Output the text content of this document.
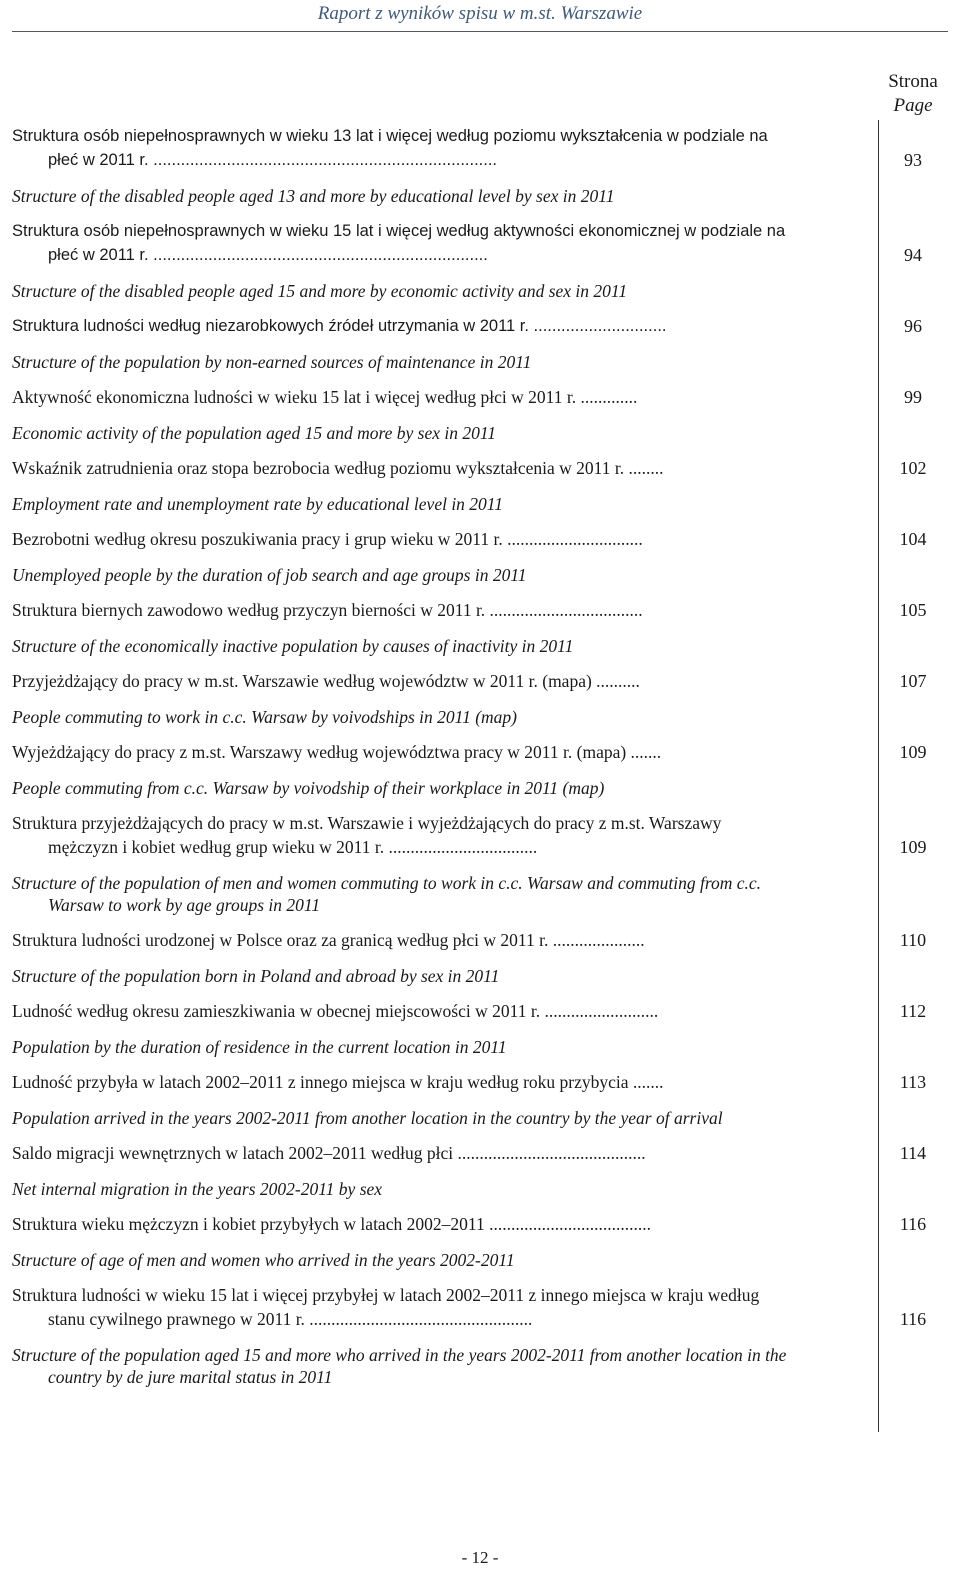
Raport z wyników spisu w m.st. Warszawie
Strona
Page
Struktura osób niepełnosprawnych w wieku 13 lat i więcej według poziomu wykształcenia w podziale na płeć w 2011 r. ...........................................................................	93
Structure of the disabled people aged 13 and more by educational level by sex in 2011
Struktura osób niepełnosprawnych w wieku 15 lat i więcej według aktywności ekonomicznej w podziale na płeć w 2011 r. .........................................................................	94
Structure of the disabled people aged 15 and more by economic activity and sex in 2011
Struktura ludności według niezarobkowych źródeł utrzymania w 2011 r. .............................	96
Structure of the population by non-earned sources of maintenance in 2011
Aktywność ekonomiczna ludności w wieku 15 lat i więcej według płci w 2011 r. .............	99
Economic activity of the population aged 15 and more by sex in 2011
Wskaźnik zatrudnienia oraz stopa bezrobocia według poziomu wykształcenia w 2011 r. ........	102
Employment rate and unemployment rate by educational level in 2011
Bezrobotni według okresu poszukiwania pracy i grup wieku w 2011 r. ...............................	104
Unemployed people by the duration of job search and age groups in 2011
Struktura biernych zawodowo według przyczyn bierności w 2011 r. ...................................	105
Structure of the economically inactive population by causes of inactivity in 2011
Przyjeżdżający do pracy w m.st. Warszawie według województw w 2011 r. (mapa) ..........	107
People commuting to work in c.c. Warsaw by voivodships in 2011 (map)
Wyjeżdżający do pracy z m.st. Warszawy według województwa pracy w 2011 r. (mapa) .......	109
People commuting from c.c. Warsaw by voivodship of their workplace in 2011 (map)
Struktura przyjeżdżających do pracy w m.st. Warszawie i wyjeżdżających do pracy z m.st. Warszawy mężczyzn i kobiet według grup wieku w 2011 r. ..................................	109
Structure of the population of men and women commuting to work in c.c. Warsaw and commuting from c.c. Warsaw to work by age groups in 2011
Struktura ludności urodzonej w Polsce oraz za granicą według płci w 2011 r. .....................	110
Structure of the population born in Poland and abroad by sex in 2011
Ludność według okresu zamieszkiwania w obecnej miejscowości w 2011 r. ..........................	112
Population by the duration of residence in the current location in 2011
Ludność przybyła w latach 2002–2011 z innego miejsca w kraju według roku przybycia .......	113
Population arrived in the years 2002-2011 from another location in the country by the year of arrival
Saldo migracji wewnętrznych w latach 2002–2011 według płci ...........................................	114
Net internal migration in the years 2002-2011 by sex
Struktura wieku mężczyzn i kobiet przybyłych w latach 2002–2011 .....................................	116
Structure of age of men and women who arrived in the years 2002-2011
Struktura ludności w wieku 15 lat i więcej przybyłej w latach 2002–2011 z innego miejsca w kraju według stanu cywilnego prawnego w 2011 r. ...................................................	116
Structure of the population aged 15 and more who arrived in the years 2002-2011 from another location in the country by de jure marital status in 2011
- 12 -
